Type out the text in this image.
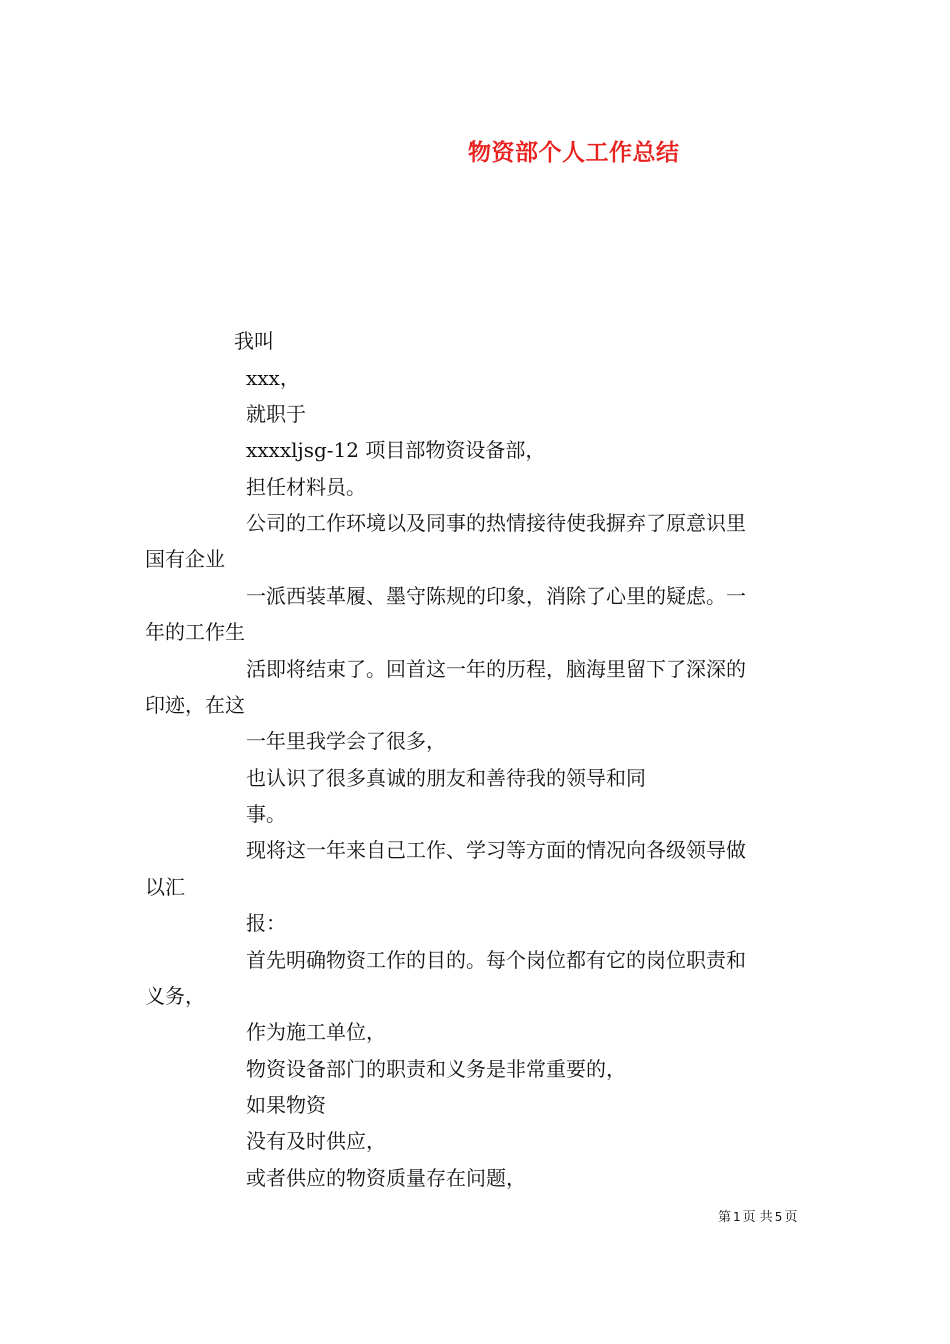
物资部个人工作总结
我叫
xxx，
就职于
xxxxljsg-12 项目部物资设备部，
担任材料员。
公司的工作环境以及同事的热情接待使我摒弃了原意识里
国有企业
一派西装革履、墨守陈规的印象，消除了心里的疑虑。一
年的工作生
活即将结束了。回首这一年的历程，脑海里留下了深深的
印迹，在这
一年里我学会了很多，
也认识了很多真诚的朋友和善待我的领导和同
事。
现将这一年来自己工作、学习等方面的情况向各级领导做
以汇
报：
首先明确物资工作的目的。每个岗位都有它的岗位职责和
义务，
作为施工单位，
物资设备部门的职责和义务是非常重要的，
如果物资
没有及时供应，
或者供应的物资质量存在问题，
第 1 页 共 5 页
